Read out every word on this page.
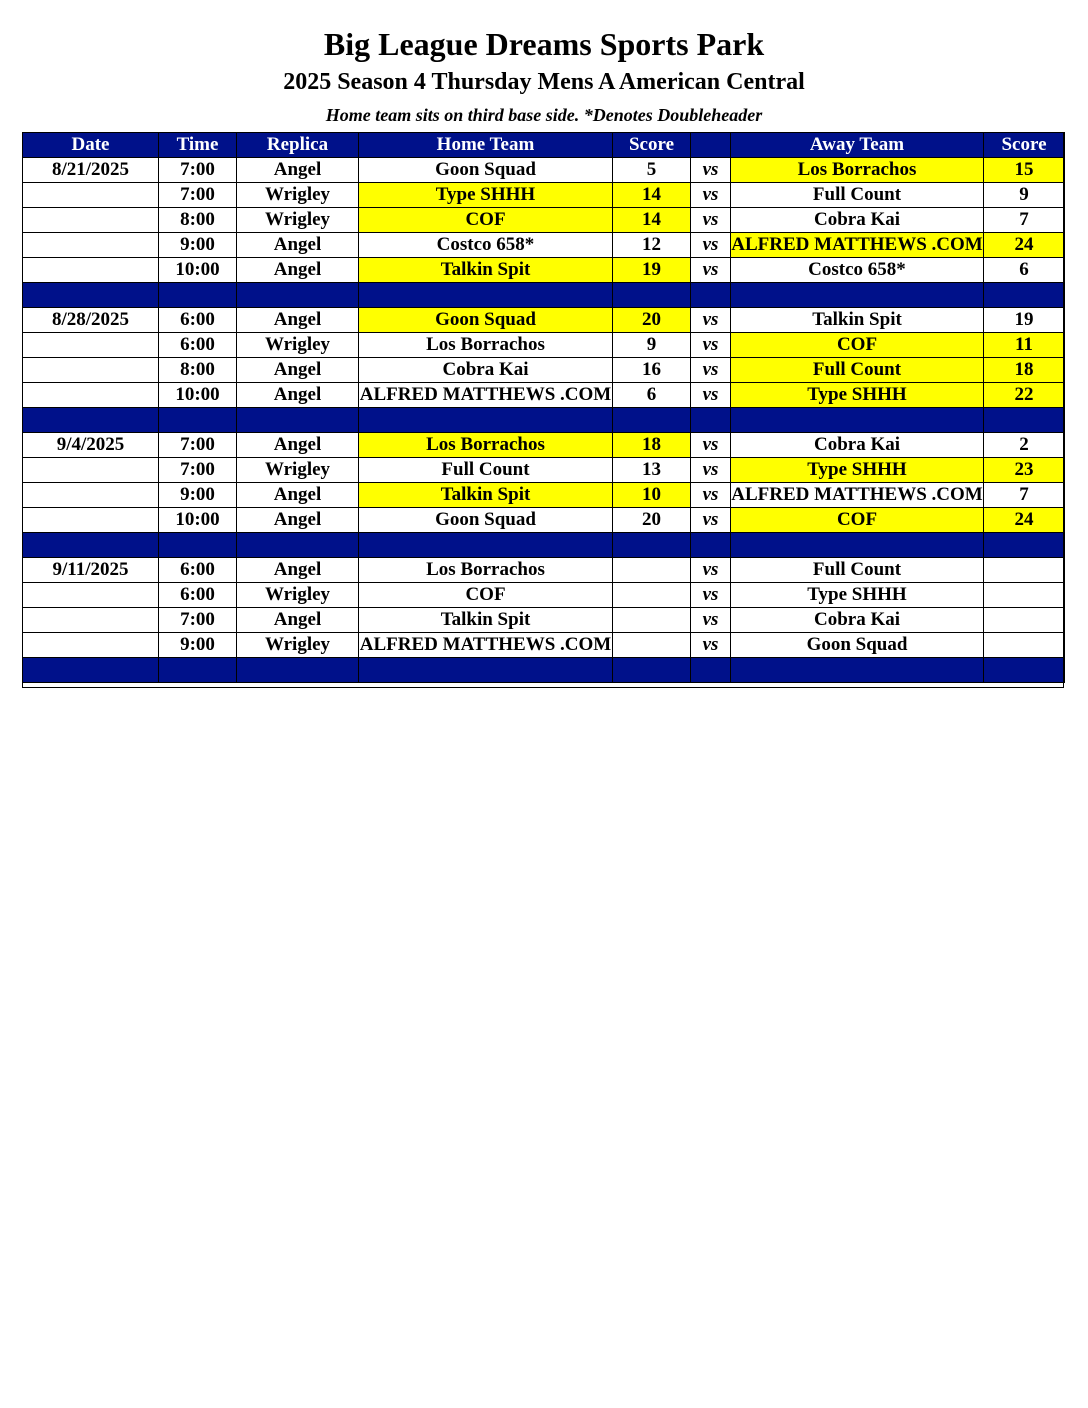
Big League Dreams Sports Park
2025 Season 4 Thursday Mens A American Central
Home team sits on third base side. *Denotes Doubleheader
Date	Time	Replica	Home Team	Score		Away Team	Score
8/21/2025	7:00	Angel	Goon Squad	5	vs	Los Borrachos	15
	7:00	Wrigley	Type SHHH	14	vs	Full Count	9
	8:00	Wrigley	COF	14	vs	Cobra Kai	7
	9:00	Angel	Costco 658*	12	vs	ALFRED MATTHEWS .COM	24
	10:00	Angel	Talkin Spit	19	vs	Costco 658*	6

8/28/2025	6:00	Angel	Goon Squad	20	vs	Talkin Spit	19
	6:00	Wrigley	Los Borrachos	9	vs	COF	11
	8:00	Angel	Cobra Kai	16	vs	Full Count	18
	10:00	Angel	ALFRED MATTHEWS .COM	6	vs	Type SHHH	22

9/4/2025	7:00	Angel	Los Borrachos	18	vs	Cobra Kai	2
	7:00	Wrigley	Full Count	13	vs	Type SHHH	23
	9:00	Angel	Talkin Spit	10	vs	ALFRED MATTHEWS .COM	7
	10:00	Angel	Goon Squad	20	vs	COF	24

9/11/2025	6:00	Angel	Los Borrachos		vs	Full Count	
	6:00	Wrigley	COF		vs	Type SHHH	
	7:00	Angel	Talkin Spit		vs	Cobra Kai	
	9:00	Wrigley	ALFRED MATTHEWS .COM		vs	Goon Squad	
